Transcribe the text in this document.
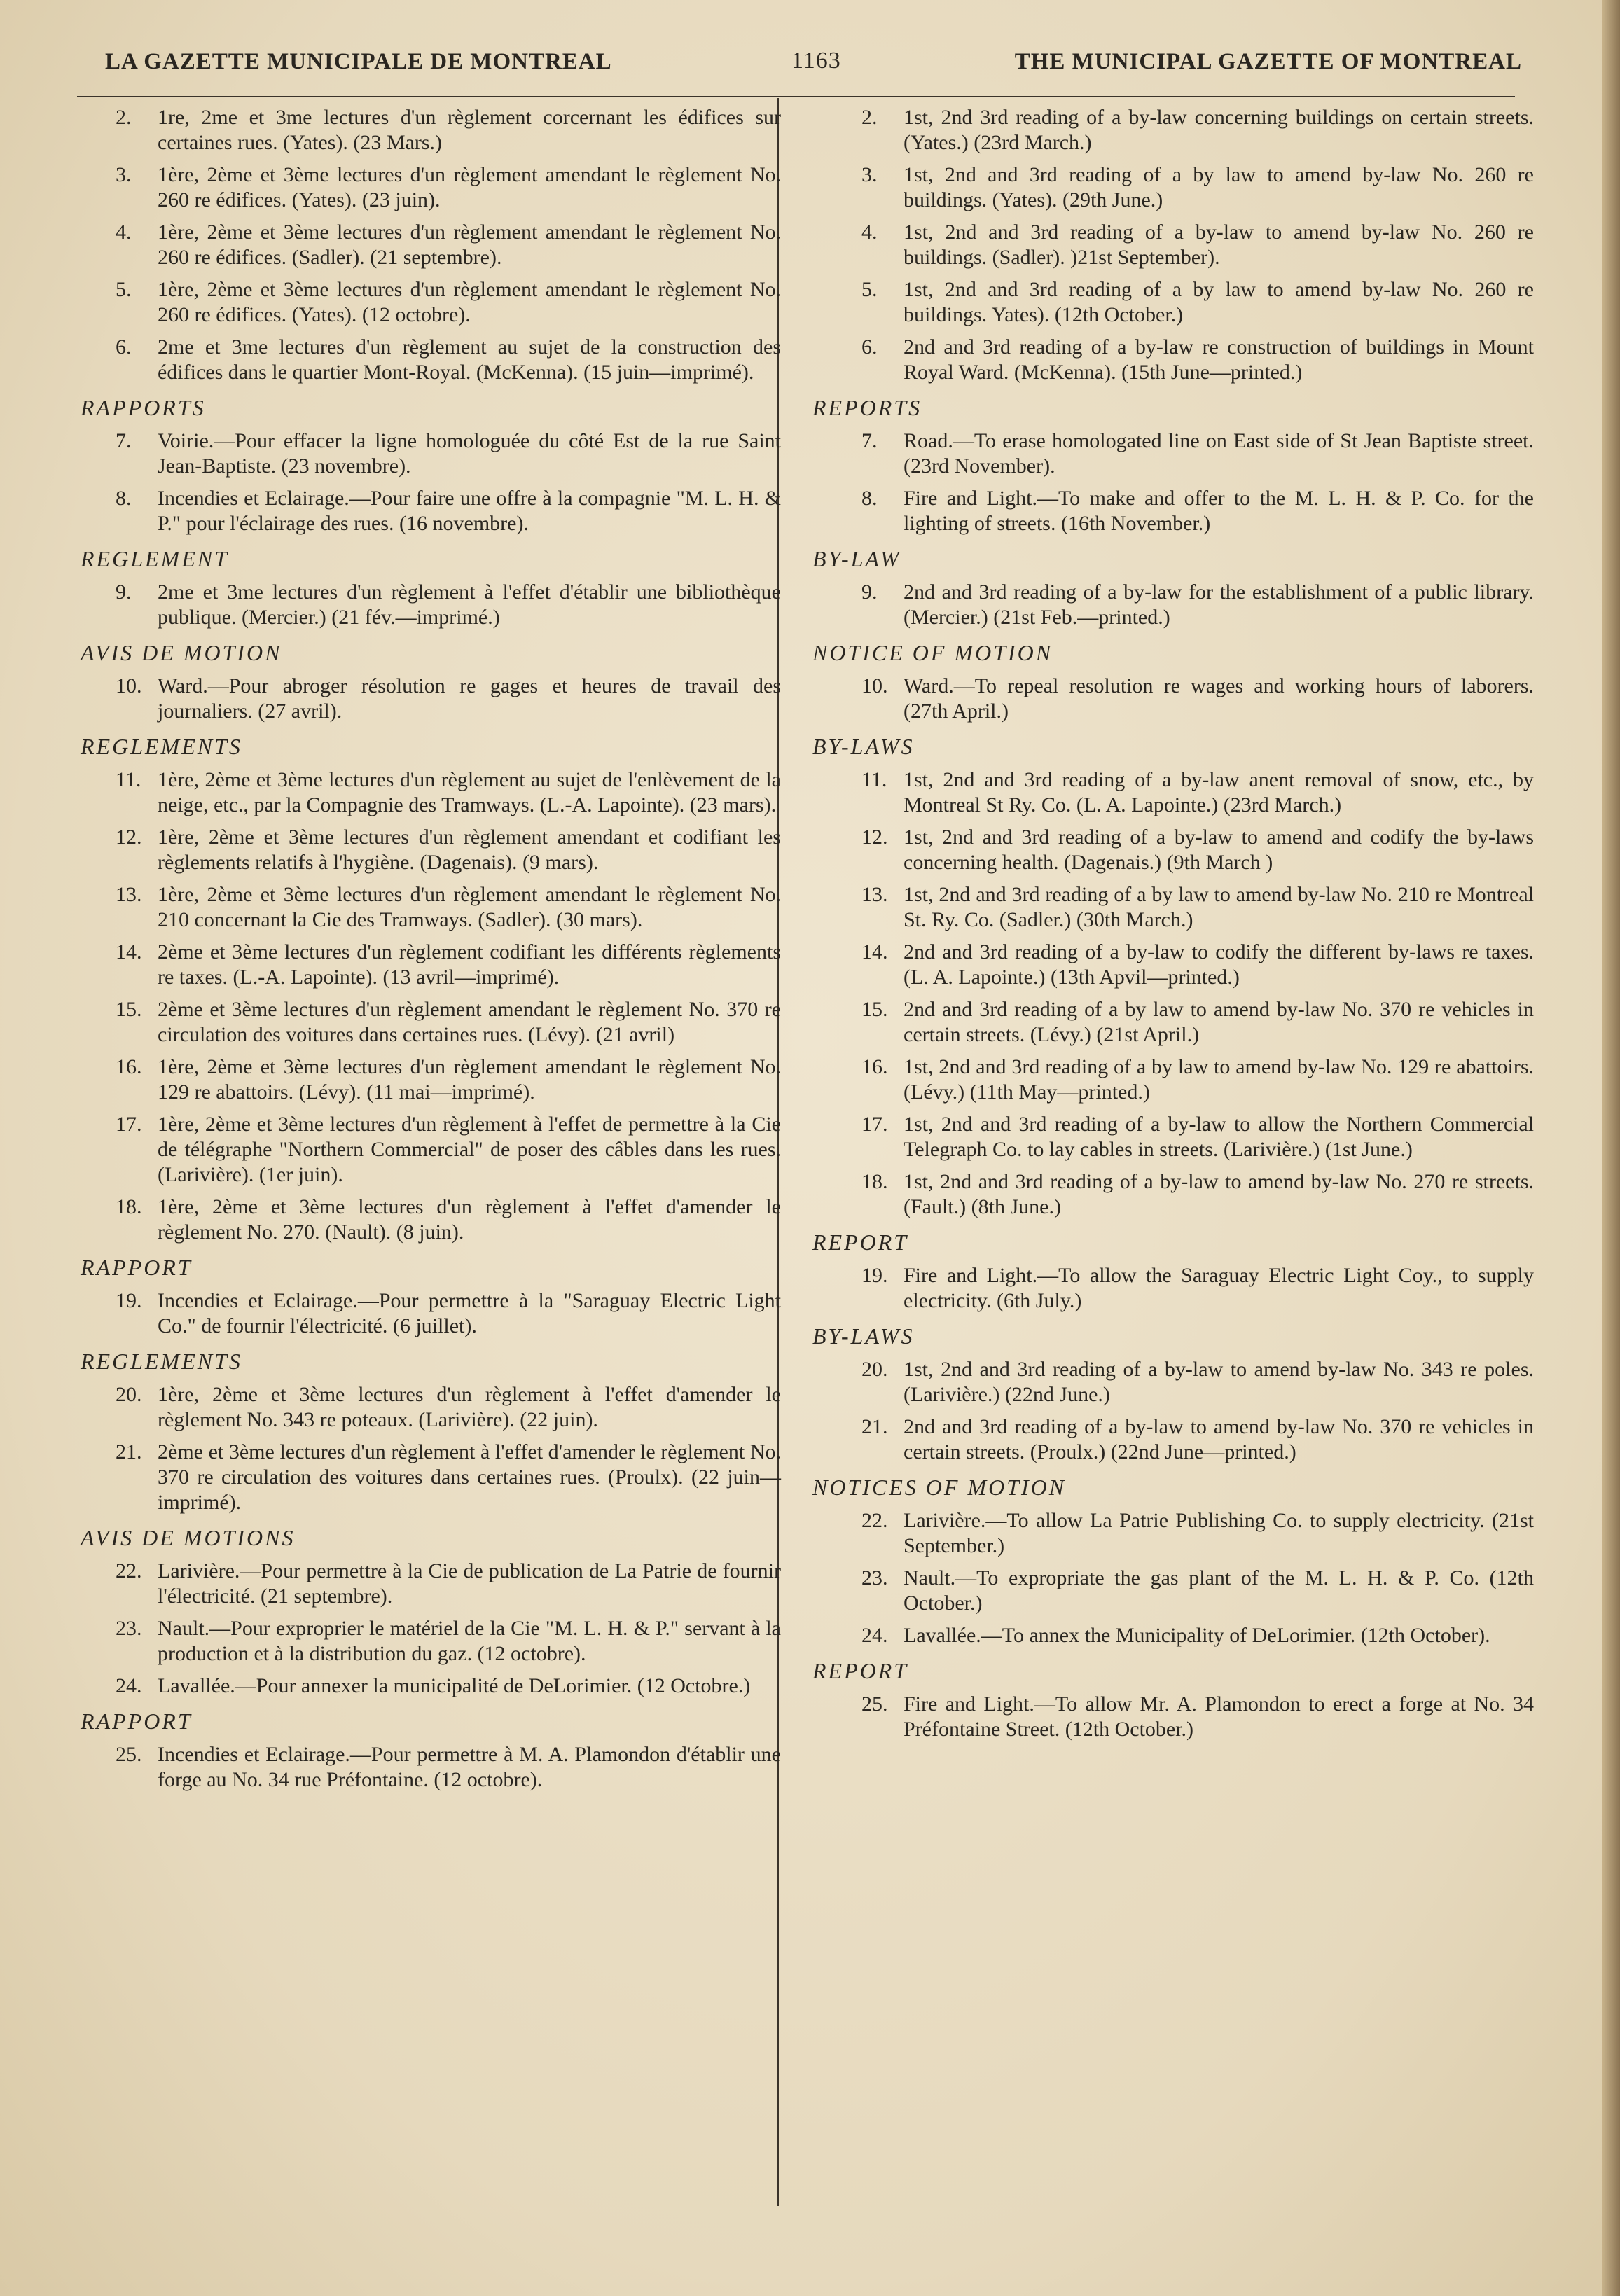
LA GAZETTE MUNICIPALE DE MONTREAL	1163	THE MUNICIPAL GAZETTE OF MONTREAL
2. 1re, 2me et 3me lectures d'un règlement corcernant les édifices sur certaines rues. (Yates). (23 Mars.)
3. 1ère, 2ème et 3ème lectures d'un règlement amendant le règlement No. 260 re édifices. (Yates). (23 juin).
4. 1ère, 2ème et 3ème lectures d'un règlement amendant le règlement No. 260 re édifices. (Sadler). (21 septembre).
5. 1ère, 2ème et 3ème lectures d'un règlement amendant le règlement No. 260 re édifices. (Yates). (12 octobre).
6. 2me et 3me lectures d'un règlement au sujet de la construction des édifices dans le quartier Mont-Royal. (McKenna). (15 juin—imprimé).
RAPPORTS
7. Voirie.—Pour effacer la ligne homologuée du côté Est de la rue Saint Jean-Baptiste. (23 novembre).
8. Incendies et Eclairage.—Pour faire une offre à la compagnie "M. L. H. & P." pour l'éclairage des rues. (16 novembre).
REGLEMENT
9. 2me et 3me lectures d'un règlement à l'effet d'établir une bibliothèque publique. (Mercier.) (21 fév.—imprimé.)
AVIS DE MOTION
10. Ward.—Pour abroger résolution re gages et heures de travail des journaliers. (27 avril).
REGLEMENTS
11. 1ère, 2ème et 3ème lectures d'un règlement au sujet de l'enlèvement de la neige, etc., par la Compagnie des Tramways. (L.-A. Lapointe). (23 mars).
12. 1ère, 2ème et 3ème lectures d'un règlement amendant et codifiant les règlements relatifs à l'hygiène. (Dagenais). (9 mars).
13. 1ère, 2ème et 3ème lectures d'un règlement amendant le règlement No. 210 concernant la Cie des Tramways. (Sadler). (30 mars).
14. 2ème et 3ème lectures d'un règlement codifiant les différents règlements re taxes. (L.-A. Lapointe). (13 avril—imprimé).
15. 2ème et 3ème lectures d'un règlement amendant le règlement No. 370 re circulation des voitures dans certaines rues. (Lévy). (21 avril)
16. 1ère, 2ème et 3ème lectures d'un règlement amendant le règlement No. 129 re abattoirs. (Lévy). (11 mai—imprimé).
17. 1ère, 2ème et 3ème lectures d'un règlement à l'effet de permettre à la Cie de télégraphe "Northern Commercial" de poser des câbles dans les rues. (Larivière). (1er juin).
18. 1ère, 2ème et 3ème lectures d'un règlement à l'effet d'amender le règlement No. 270. (Nault). (8 juin).
RAPPORT
19. Incendies et Eclairage.—Pour permettre à la "Saraguay Electric Light Co." de fournir l'électricité. (6 juillet).
REGLEMENTS
20. 1ère, 2ème et 3ème lectures d'un règlement à l'effet d'amender le règlement No. 343 re poteaux. (Larivière). (22 juin).
21. 2ème et 3ème lectures d'un règlement à l'effet d'amender le règlement No. 370 re circulation des voitures dans certaines rues. (Proulx). (22 juin—imprimé).
AVIS DE MOTIONS
22. Larivière.—Pour permettre à la Cie de publication de La Patrie de fournir l'électricité. (21 septembre).
23. Nault.—Pour exproprier le matériel de la Cie "M. L. H. & P." servant à la production et à la distribution du gaz. (12 octobre).
24. Lavallée.—Pour annexer la municipalité de DeLorimier. (12 Octobre.)
RAPPORT
25. Incendies et Eclairage.—Pour permettre à M. A. Plamondon d'établir une forge au No. 34 rue Préfontaine. (12 octobre).
2. 1st, 2nd 3rd reading of a by-law concerning buildings on certain streets. (Yates.) (23rd March.)
3. 1st, 2nd and 3rd reading of a by law to amend by-law No. 260 re buildings. (Yates). (29th June.)
4. 1st, 2nd and 3rd reading of a by-law to amend by-law No. 260 re buildings. (Sadler). )21st September).
5. 1st, 2nd and 3rd reading of a by law to amend by-law No. 260 re buildings. Yates). (12th October.)
6. 2nd and 3rd reading of a by-law re construction of buildings in Mount Royal Ward. (McKenna). (15th June—printed.)
REPORTS
7. Road.—To erase homologated line on East side of St Jean Baptiste street. (23rd November).
8. Fire and Light.—To make and offer to the M. L. H. & P. Co. for the lighting of streets. (16th November.)
BY-LAW
9. 2nd and 3rd reading of a by-law for the establishment of a public library. (Mercier.) (21st Feb.—printed.)
NOTICE OF MOTION
10. Ward.—To repeal resolution re wages and working hours of laborers. (27th April.)
BY-LAWS
11. 1st, 2nd and 3rd reading of a by-law anent removal of snow, etc., by Montreal St Ry. Co. (L. A. Lapointe.) (23rd March.)
12. 1st, 2nd and 3rd reading of a by-law to amend and codify the by-laws concerning health. (Dagenais.) (9th March )
13. 1st, 2nd and 3rd reading of a by law to amend by-law No. 210 re Montreal St. Ry. Co. (Sadler.) (30th March.)
14. 2nd and 3rd reading of a by-law to codify the different by-laws re taxes. (L. A. Lapointe.) (13th Apvil—printed.)
15. 2nd and 3rd reading of a by law to amend by-law No. 370 re vehicles in certain streets. (Lévy.) (21st April.)
16. 1st, 2nd and 3rd reading of a by law to amend by-law No. 129 re abattoirs. (Lévy.) (11th May—printed.)
17. 1st, 2nd and 3rd reading of a by-law to allow the Northern Commercial Telegraph Co. to lay cables in streets. (Larivière.) (1st June.)
18. 1st, 2nd and 3rd reading of a by-law to amend by-law No. 270 re streets. (Fault.) (8th June.)
REPORT
19. Fire and Light.—To allow the Saraguay Electric Light Coy., to supply electricity. (6th July.)
BY-LAWS
20. 1st, 2nd and 3rd reading of a by-law to amend by-law No. 343 re poles. (Larivière.) (22nd June.)
21. 2nd and 3rd reading of a by-law to amend by-law No. 370 re vehicles in certain streets. (Proulx.) (22nd June—printed.)
NOTICES OF MOTION
22. Larivière.—To allow La Patrie Publishing Co. to supply electricity. (21st September.)
23. Nault.—To expropriate the gas plant of the M. L. H. & P. Co. (12th October.)
24. Lavallée.—To annex the Municipality of DeLorimier. (12th October).
REPORT
25. Fire and Light.—To allow Mr. A. Plamondon to erect a forge at No. 34 Préfontaine Street. (12th October.)
